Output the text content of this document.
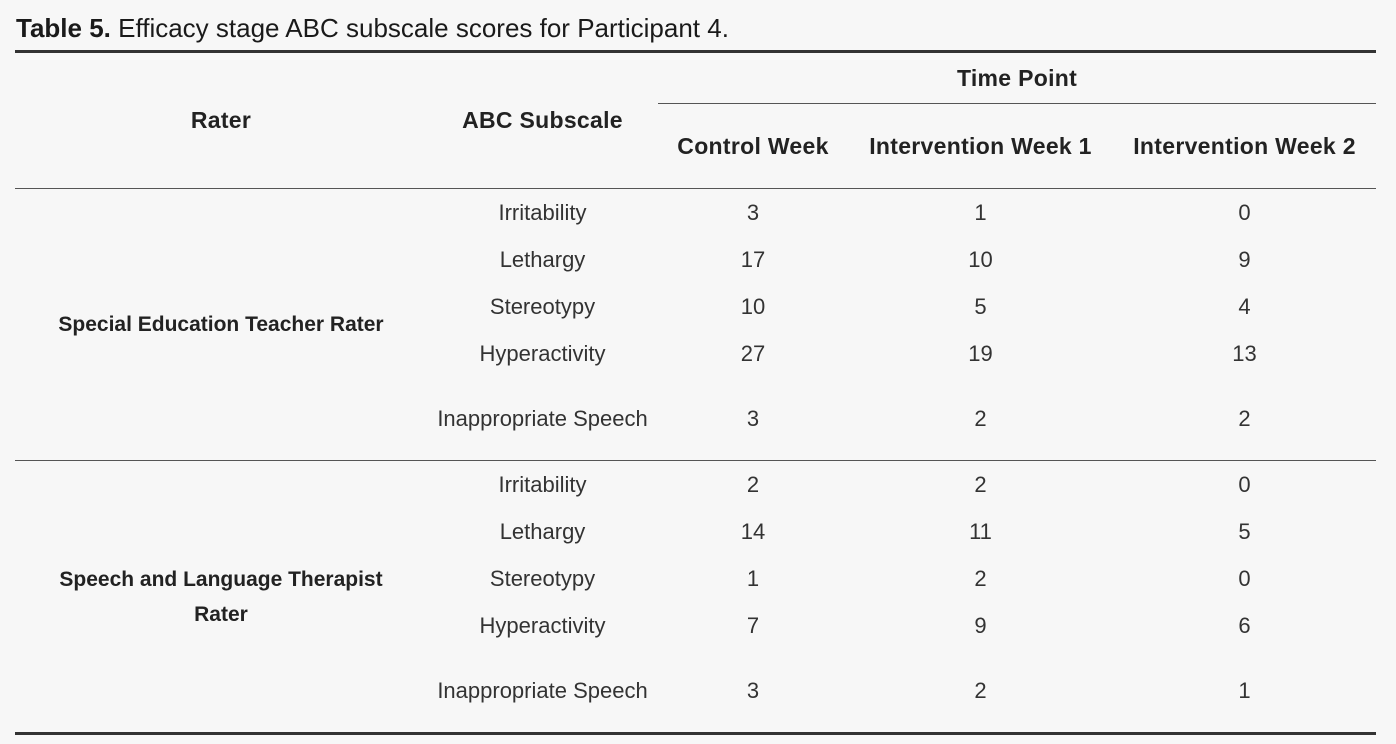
Table 5. Efficacy stage ABC subscale scores for Participant 4.
Rater	ABC Subscale	Time Point		
		Control Week	Intervention Week 1	Intervention Week 2
Special Education Teacher Rater	Irritability	3	1	0
	Lethargy	17	10	9
	Stereotypy	10	5	4
	Hyperactivity	27	19	13
	Inappropriate Speech	3	2	2
Speech and Language Therapist Rater	Irritability	2	2	0
	Lethargy	14	11	5
	Stereotypy	1	2	0
	Hyperactivity	7	9	6
	Inappropriate Speech	3	2	1
